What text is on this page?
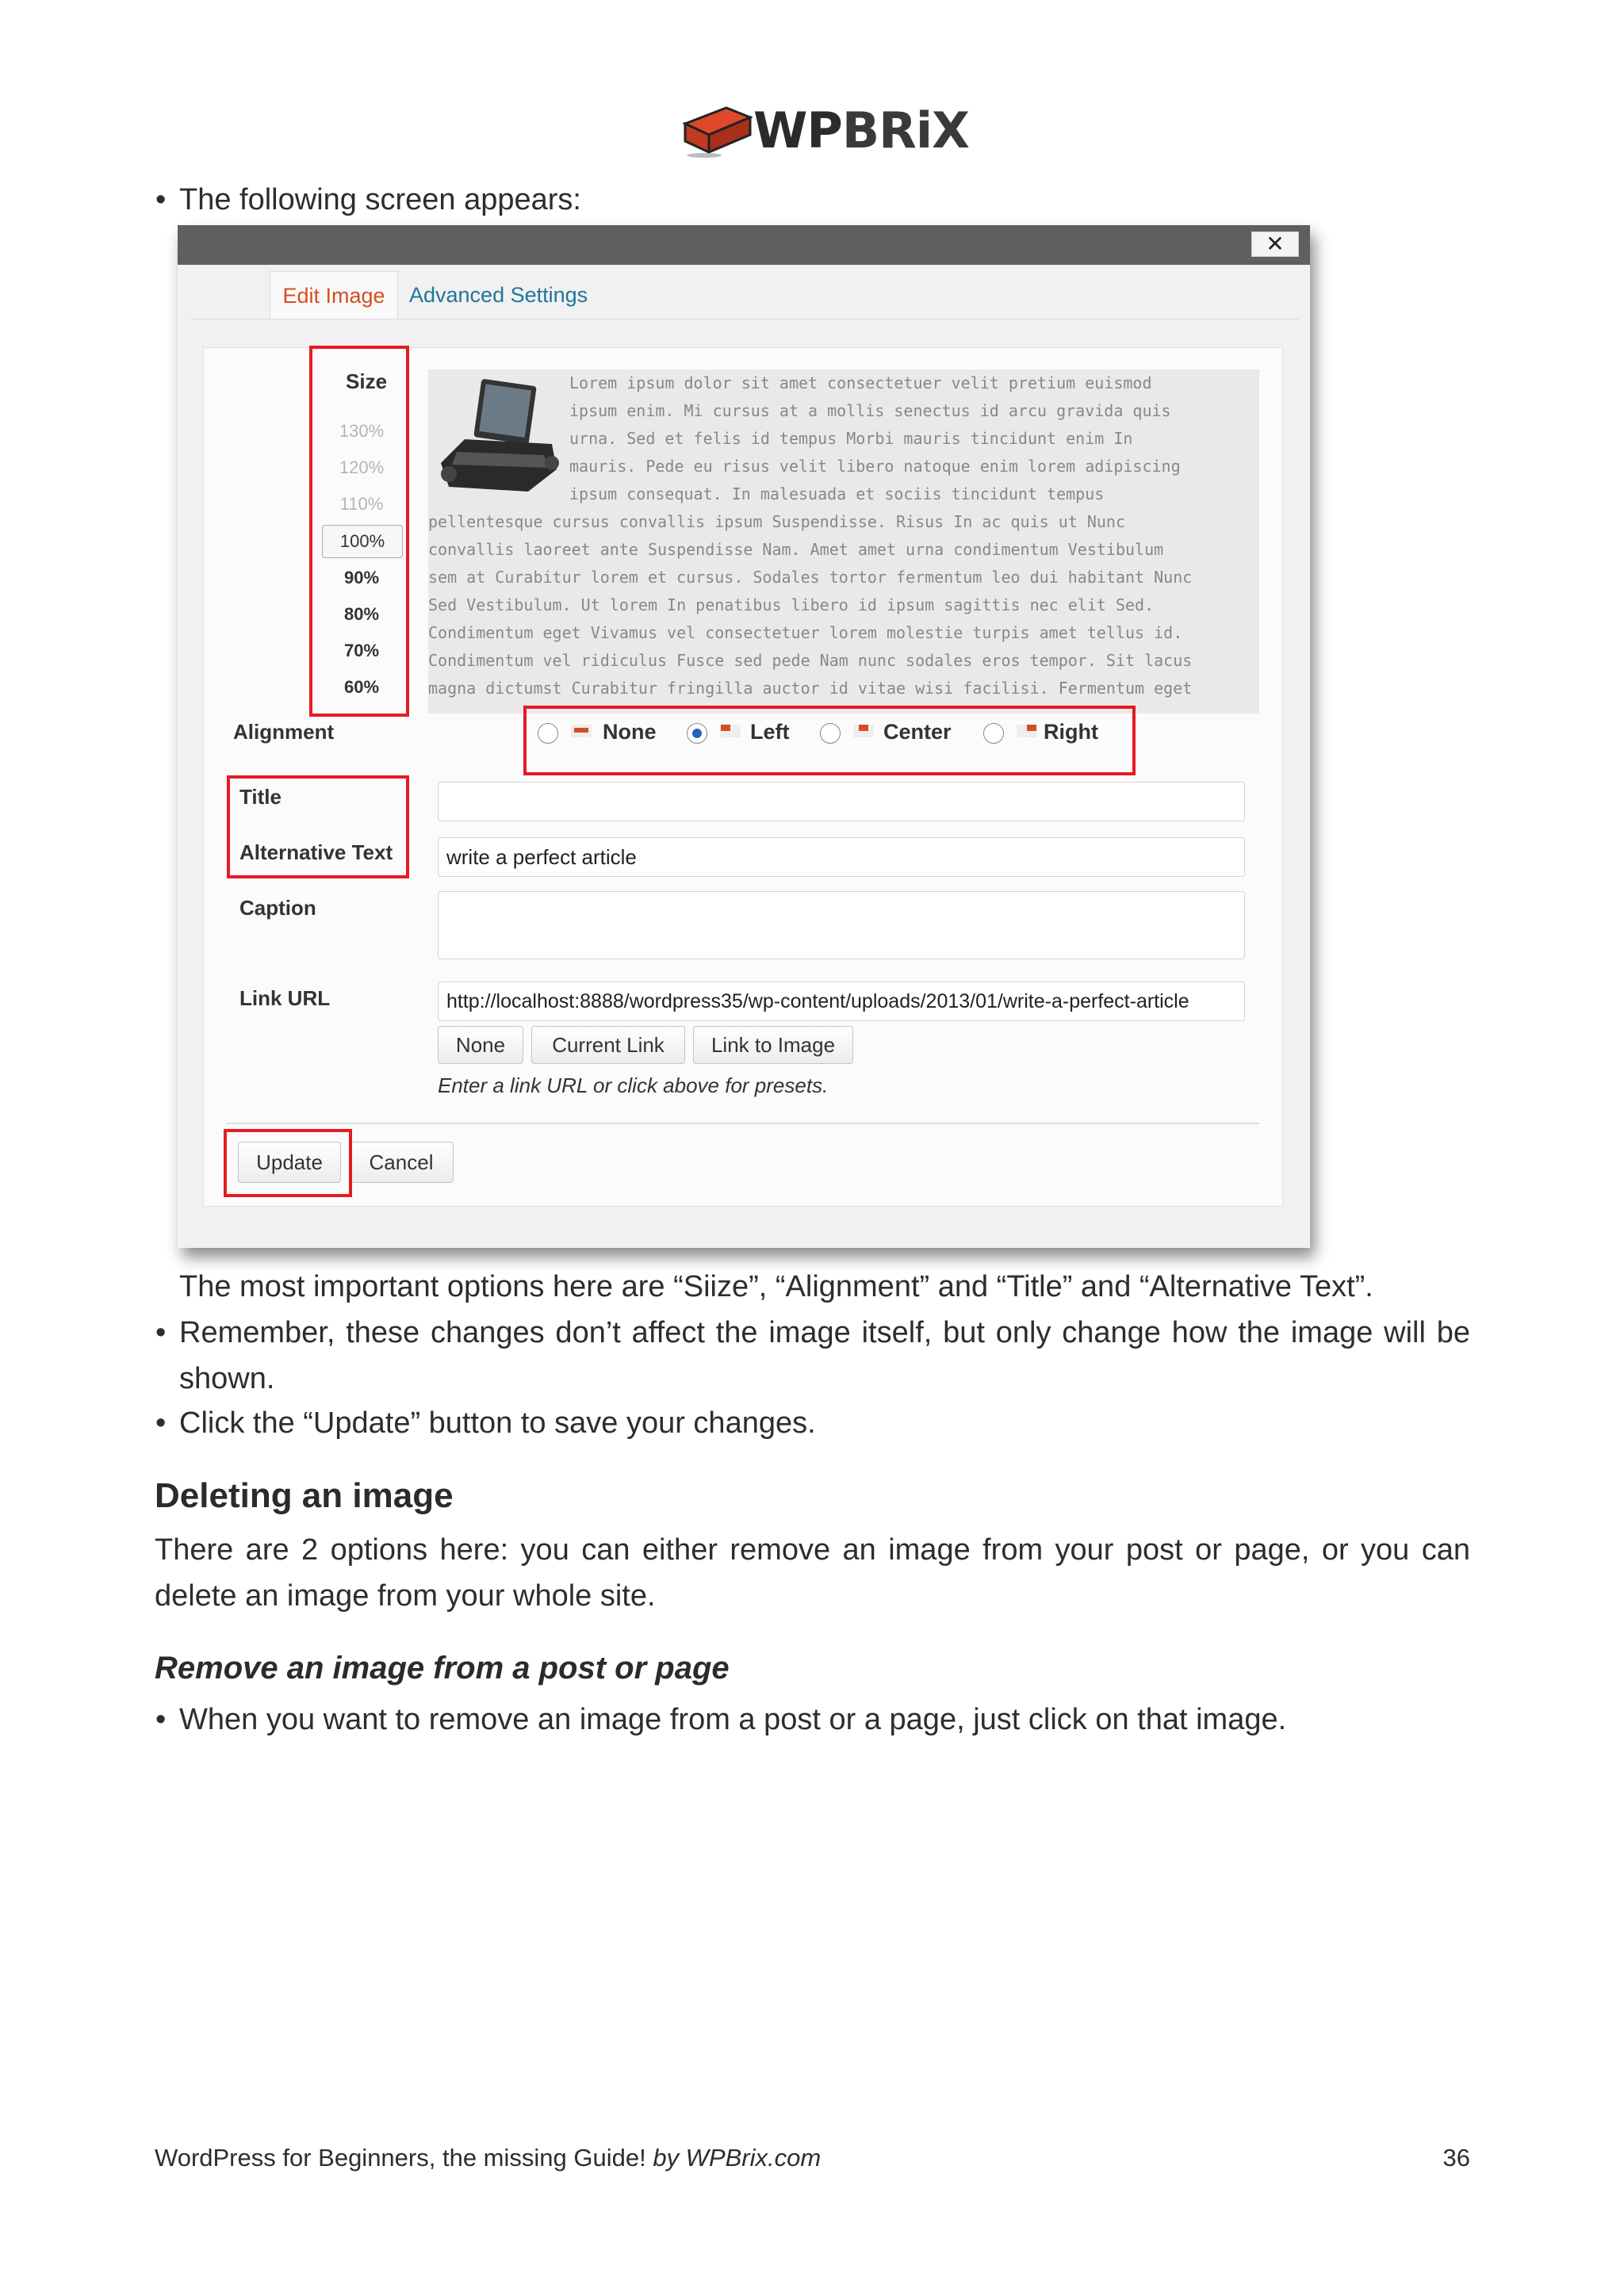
WPBRiX
• The following screen appears:
✕
Edit Image	Advanced Settings
Size
130%
120%
110%
100%
90%
80%
70%
60%
Lorem ipsum dolor sit amet consectetuer velit pretium euismod
ipsum enim. Mi cursus at a mollis senectus id arcu gravida quis
urna. Sed et felis id tempus Morbi mauris tincidunt enim In
mauris. Pede eu risus velit libero natoque enim lorem adipiscing
ipsum consequat. In malesuada et sociis tincidunt tempus
pellentesque cursus convallis ipsum Suspendisse. Risus In ac quis ut Nunc
convallis laoreet ante Suspendisse Nam. Amet amet urna condimentum Vestibulum
sem at Curabitur lorem et cursus. Sodales tortor fermentum leo dui habitant Nunc
Sed Vestibulum. Ut lorem In penatibus libero id ipsum sagittis nec elit Sed.
Condimentum eget Vivamus vel consectetuer lorem molestie turpis amet tellus id.
Condimentum vel ridiculus Fusce sed pede Nam nunc sodales eros tempor. Sit lacus
magna dictumst Curabitur fringilla auctor id vitae wisi facilisi. Fermentum eget
Alignment	None	Left	Center	Right
Title
Alternative Text	write a perfect article
Caption
Link URL	http://localhost:8888/wordpress35/wp-content/uploads/2013/01/write-a-perfect-article
None	Current Link	Link to Image
Enter a link URL or click above for presets.
Update	Cancel
The most important options here are “Siize”, “Alignment” and “Title” and “Alternative Text”.
• Remember, these changes don’t affect the image itself, but only change how the image will be shown.
• Click the “Update” button to save your changes.
Deleting an image
There are 2 options here: you can either remove an image from your post or page, or you can delete an image from your whole site.
Remove an image from a post or page
• When you want to remove an image from a post or a page, just click on that image.
WordPress for Beginners, the missing Guide! by WPBrix.com	36
